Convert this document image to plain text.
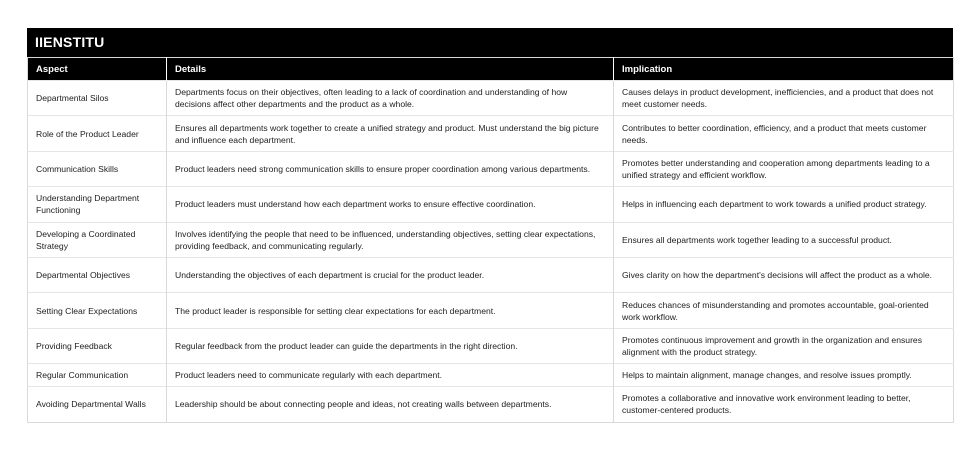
IIENSTITU
Aspect	Details	Implication
Departmental Silos	Departments focus on their objectives, often leading to a lack of coordination and understanding of how decisions affect other departments and the product as a whole.	Causes delays in product development, inefficiencies, and a product that does not meet customer needs.
Role of the Product Leader	Ensures all departments work together to create a unified strategy and product. Must understand the big picture and influence each department.	Contributes to better coordination, efficiency, and a product that meets customer needs.
Communication Skills	Product leaders need strong communication skills to ensure proper coordination among various departments.	Promotes better understanding and cooperation among departments leading to a unified strategy and efficient workflow.
Understanding Department Functioning	Product leaders must understand how each department works to ensure effective coordination.	Helps in influencing each department to work towards a unified product strategy.
Developing a Coordinated Strategy	Involves identifying the people that need to be influenced, understanding objectives, setting clear expectations, providing feedback, and communicating regularly.	Ensures all departments work together leading to a successful product.
Departmental Objectives	Understanding the objectives of each department is crucial for the product leader.	Gives clarity on how the department's decisions will affect the product as a whole.
Setting Clear Expectations	The product leader is responsible for setting clear expectations for each department.	Reduces chances of misunderstanding and promotes accountable, goal-oriented work workflow.
Providing Feedback	Regular feedback from the product leader can guide the departments in the right direction.	Promotes continuous improvement and growth in the organization and ensures alignment with the product strategy.
Regular Communication	Product leaders need to communicate regularly with each department.	Helps to maintain alignment, manage changes, and resolve issues promptly.
Avoiding Departmental Walls	Leadership should be about connecting people and ideas, not creating walls between departments.	Promotes a collaborative and innovative work environment leading to better, customer-centered products.
